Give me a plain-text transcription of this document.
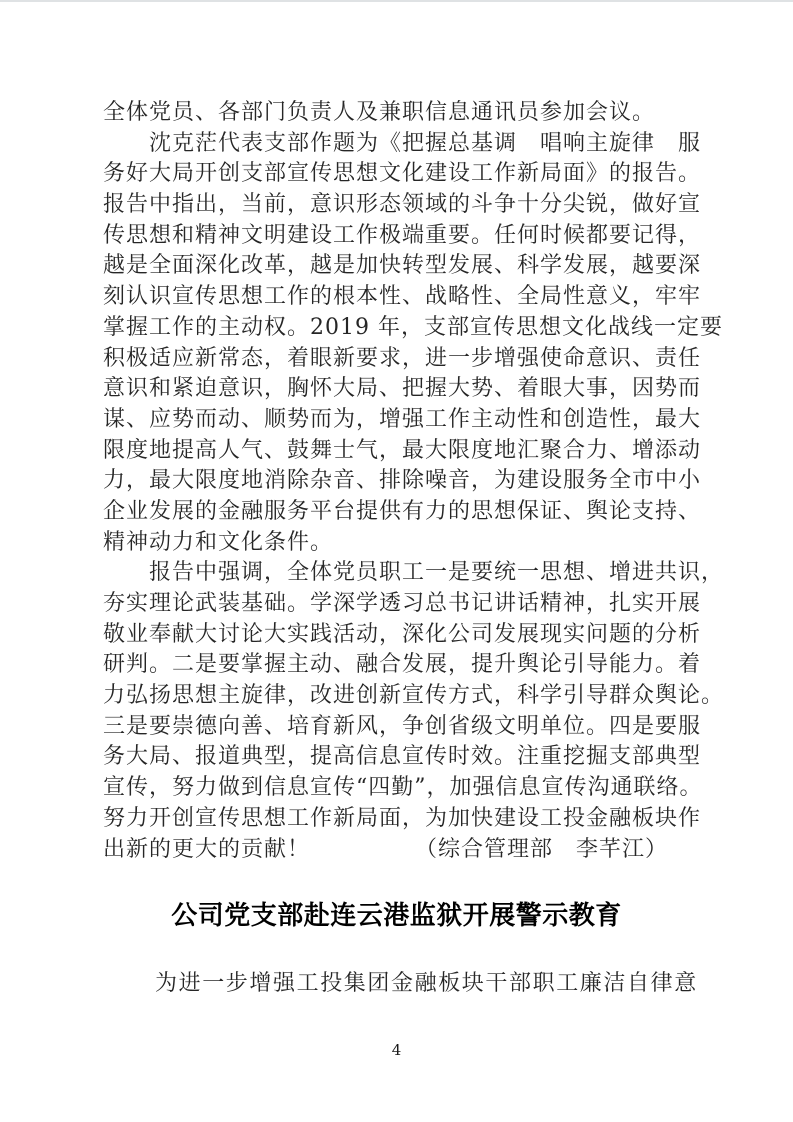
全体党员、各部门负责人及兼职信息通讯员参加会议。
　　沈克茫代表支部作题为《把握总基调　唱响主旋律　服
务好大局开创支部宣传思想文化建设工作新局面》的报告。
报告中指出，当前，意识形态领域的斗争十分尖锐，做好宣
传思想和精神文明建设工作极端重要。任何时候都要记得，
越是全面深化改革，越是加快转型发展、科学发展，越要深
刻认识宣传思想工作的根本性、战略性、全局性意义，牢牢
掌握工作的主动权。2019 年，支部宣传思想文化战线一定要
积极适应新常态，着眼新要求，进一步增强使命意识、责任
意识和紧迫意识，胸怀大局、把握大势、着眼大事，因势而
谋、应势而动、顺势而为，增强工作主动性和创造性，最大
限度地提高人气、鼓舞士气，最大限度地汇聚合力、增添动
力，最大限度地消除杂音、排除噪音，为建设服务全市中小
企业发展的金融服务平台提供有力的思想保证、舆论支持、
精神动力和文化条件。
　　报告中强调，全体党员职工一是要统一思想、增进共识，
夯实理论武装基础。学深学透习总书记讲话精神，扎实开展
敬业奉献大讨论大实践活动，深化公司发展现实问题的分析
研判。二是要掌握主动、融合发展，提升舆论引导能力。着
力弘扬思想主旋律，改进创新宣传方式，科学引导群众舆论。
三是要崇德向善、培育新风，争创省级文明单位。四是要服
务大局、报道典型，提高信息宣传时效。注重挖掘支部典型
宣传，努力做到信息宣传“四勤”，加强信息宣传沟通联络。
努力开创宣传思想工作新局面，为加快建设工投金融板块作
出新的更大的贡献！	（综合管理部　李芊江）
公司党支部赴连云港监狱开展警示教育
为进一步增强工投集团金融板块干部职工廉洁自律意
4
